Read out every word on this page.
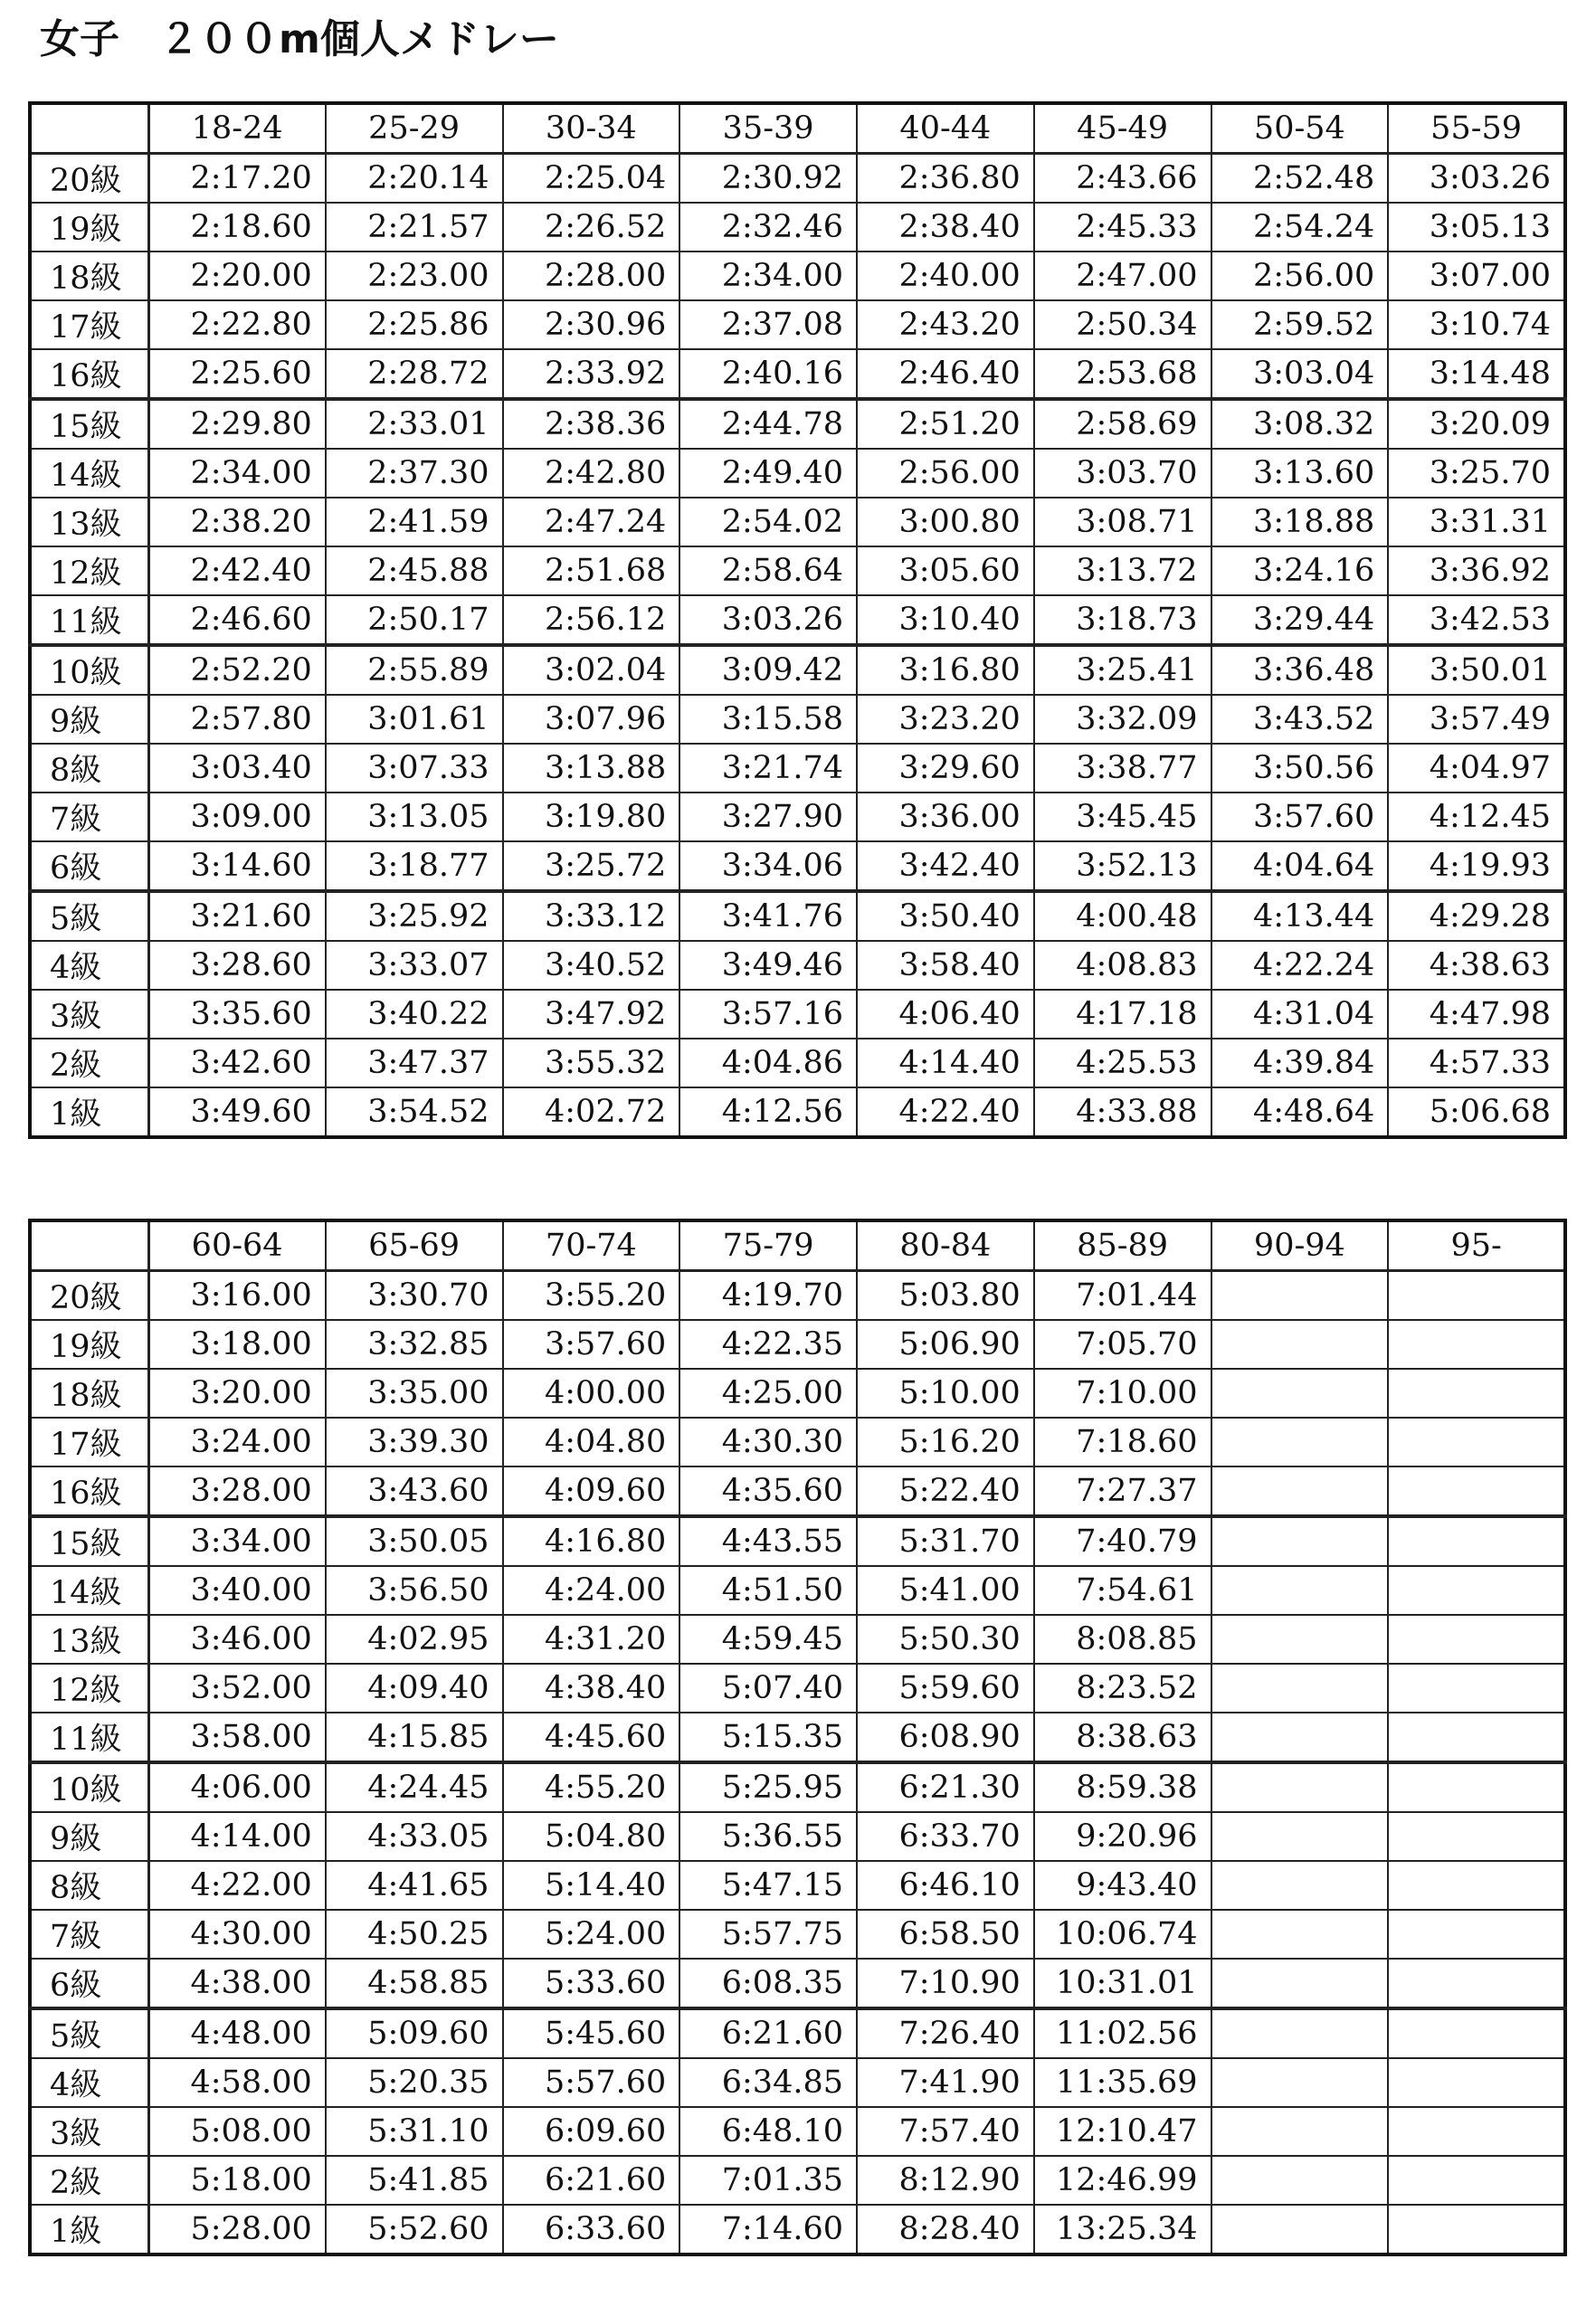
女子　２００m個人メドレー
	18-24	25-29	30-34	35-39	40-44	45-49	50-54	55-59
20級	2:17.20	2:20.14	2:25.04	2:30.92	2:36.80	2:43.66	2:52.48	3:03.26
19級	2:18.60	2:21.57	2:26.52	2:32.46	2:38.40	2:45.33	2:54.24	3:05.13
18級	2:20.00	2:23.00	2:28.00	2:34.00	2:40.00	2:47.00	2:56.00	3:07.00
17級	2:22.80	2:25.86	2:30.96	2:37.08	2:43.20	2:50.34	2:59.52	3:10.74
16級	2:25.60	2:28.72	2:33.92	2:40.16	2:46.40	2:53.68	3:03.04	3:14.48
15級	2:29.80	2:33.01	2:38.36	2:44.78	2:51.20	2:58.69	3:08.32	3:20.09
14級	2:34.00	2:37.30	2:42.80	2:49.40	2:56.00	3:03.70	3:13.60	3:25.70
13級	2:38.20	2:41.59	2:47.24	2:54.02	3:00.80	3:08.71	3:18.88	3:31.31
12級	2:42.40	2:45.88	2:51.68	2:58.64	3:05.60	3:13.72	3:24.16	3:36.92
11級	2:46.60	2:50.17	2:56.12	3:03.26	3:10.40	3:18.73	3:29.44	3:42.53
10級	2:52.20	2:55.89	3:02.04	3:09.42	3:16.80	3:25.41	3:36.48	3:50.01
9級	2:57.80	3:01.61	3:07.96	3:15.58	3:23.20	3:32.09	3:43.52	3:57.49
8級	3:03.40	3:07.33	3:13.88	3:21.74	3:29.60	3:38.77	3:50.56	4:04.97
7級	3:09.00	3:13.05	3:19.80	3:27.90	3:36.00	3:45.45	3:57.60	4:12.45
6級	3:14.60	3:18.77	3:25.72	3:34.06	3:42.40	3:52.13	4:04.64	4:19.93
5級	3:21.60	3:25.92	3:33.12	3:41.76	3:50.40	4:00.48	4:13.44	4:29.28
4級	3:28.60	3:33.07	3:40.52	3:49.46	3:58.40	4:08.83	4:22.24	4:38.63
3級	3:35.60	3:40.22	3:47.92	3:57.16	4:06.40	4:17.18	4:31.04	4:47.98
2級	3:42.60	3:47.37	3:55.32	4:04.86	4:14.40	4:25.53	4:39.84	4:57.33
1級	3:49.60	3:54.52	4:02.72	4:12.56	4:22.40	4:33.88	4:48.64	5:06.68
	60-64	65-69	70-74	75-79	80-84	85-89	90-94	95-
20級	3:16.00	3:30.70	3:55.20	4:19.70	5:03.80	7:01.44		
19級	3:18.00	3:32.85	3:57.60	4:22.35	5:06.90	7:05.70		
18級	3:20.00	3:35.00	4:00.00	4:25.00	5:10.00	7:10.00		
17級	3:24.00	3:39.30	4:04.80	4:30.30	5:16.20	7:18.60		
16級	3:28.00	3:43.60	4:09.60	4:35.60	5:22.40	7:27.37		
15級	3:34.00	3:50.05	4:16.80	4:43.55	5:31.70	7:40.79		
14級	3:40.00	3:56.50	4:24.00	4:51.50	5:41.00	7:54.61		
13級	3:46.00	4:02.95	4:31.20	4:59.45	5:50.30	8:08.85		
12級	3:52.00	4:09.40	4:38.40	5:07.40	5:59.60	8:23.52		
11級	3:58.00	4:15.85	4:45.60	5:15.35	6:08.90	8:38.63		
10級	4:06.00	4:24.45	4:55.20	5:25.95	6:21.30	8:59.38		
9級	4:14.00	4:33.05	5:04.80	5:36.55	6:33.70	9:20.96		
8級	4:22.00	4:41.65	5:14.40	5:47.15	6:46.10	9:43.40		
7級	4:30.00	4:50.25	5:24.00	5:57.75	6:58.50	10:06.74		
6級	4:38.00	4:58.85	5:33.60	6:08.35	7:10.90	10:31.01		
5級	4:48.00	5:09.60	5:45.60	6:21.60	7:26.40	11:02.56		
4級	4:58.00	5:20.35	5:57.60	6:34.85	7:41.90	11:35.69		
3級	5:08.00	5:31.10	6:09.60	6:48.10	7:57.40	12:10.47		
2級	5:18.00	5:41.85	6:21.60	7:01.35	8:12.90	12:46.99		
1級	5:28.00	5:52.60	6:33.60	7:14.60	8:28.40	13:25.34		
